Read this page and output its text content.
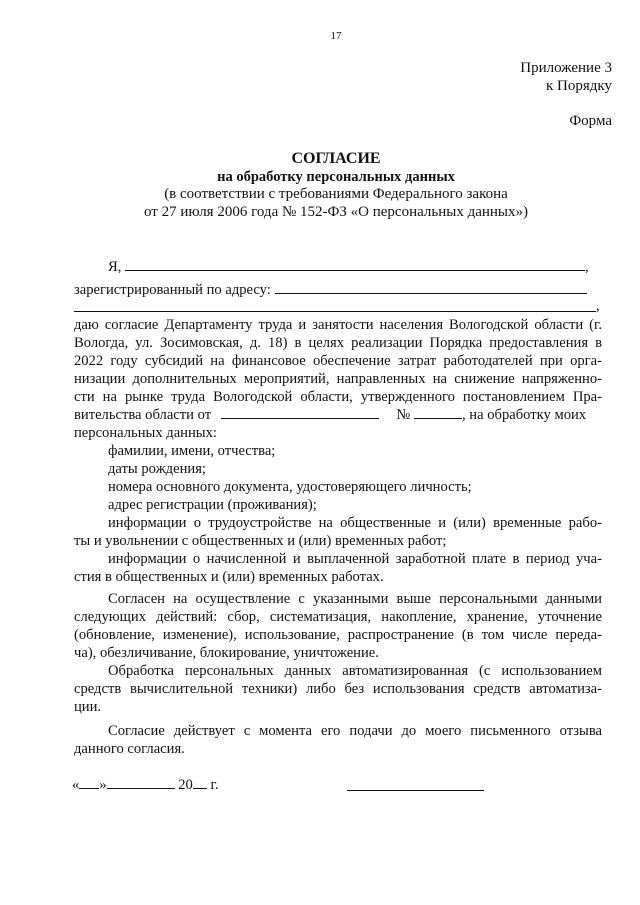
17
Приложение 3
к Порядку
Форма
СОГЛАСИЕ
на обработку персональных данных
(в соответствии с требованиями Федерального закона
от 27 июля 2006 года № 152-ФЗ «О персональных данных»)
Я,	,
зарегистрированный по адресу:
,
даю согласие Департаменту труда и занятости населения Вологодской области (г.
Вологда, ул. Зосимовская, д. 18) в целях реализации Порядка предоставления в
2022 году субсидий на финансовое обеспечение затрат работодателей при орга-
низации дополнительных мероприятий, направленных на снижение напряженно-
сти на рынке труда Вологодской области, утвержденного постановлением Пра-
вительства области от	№	, на обработку моих
персональных данных:
фамилии, имени, отчества;
даты рождения;
номера основного документа, удостоверяющего личность;
адрес регистрации (проживания);
информации о трудоустройстве на общественные и (или) временные рабо-
ты и увольнении с общественных и (или) временных работ;
информации о начисленной и выплаченной заработной плате в период уча-
стия в общественных и (или) временных работах.
Согласен на осуществление с указанными выше персональными данными
следующих действий: сбор, систематизация, накопление, хранение, уточнение
(обновление, изменение), использование, распространение (в том числе переда-
ча), обезличивание, блокирование, уничтожение.
Обработка персональных данных автоматизированная (с использованием
средств вычислительной техники) либо без использования средств автоматиза-
ции.
Согласие действует с момента его подачи до моего письменного отзыва
данного согласия.
« »	20 г.
